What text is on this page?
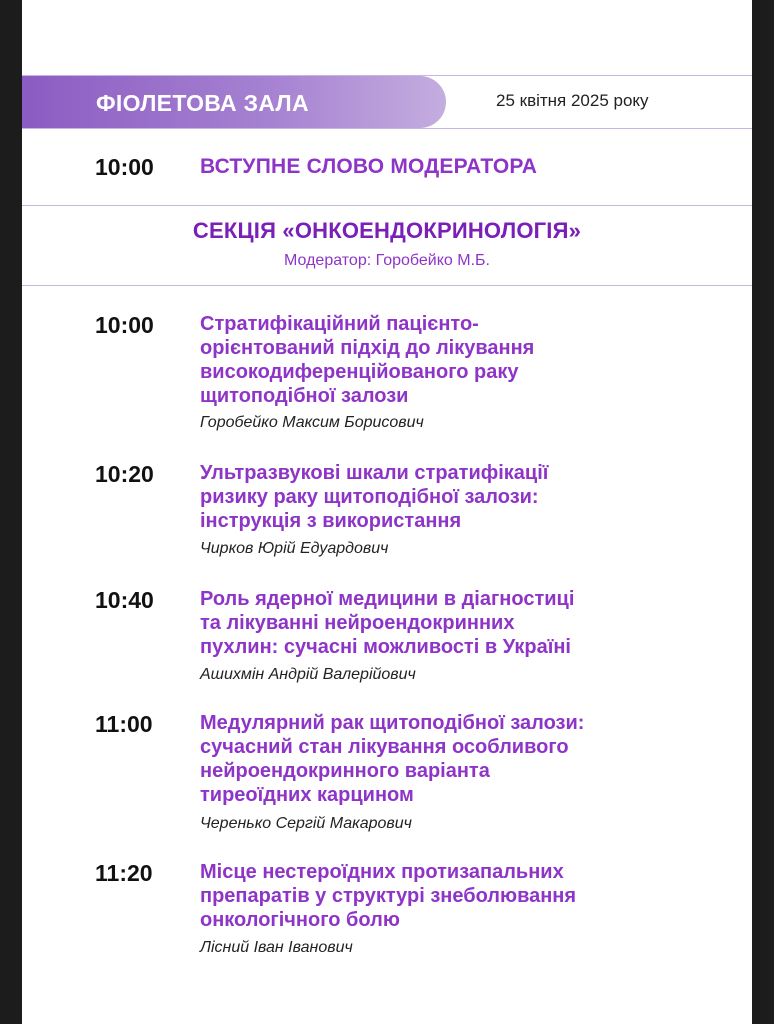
ФІОЛЕТОВА ЗАЛА	25 квітня 2025 року
10:00 ВСТУПНЕ СЛОВО МОДЕРАТОРА
СЕКЦІЯ «ОНКОЕНДОКРИНОЛОГІЯ»
Модератор: Горобейко М.Б.
10:00 Стратифікаційний пацієнто-
орієнтований підхід до лікування
високодиференційованого раку
щитоподібної залози
Горобейко Максим Борисович
10:20 Ультразвукові шкали стратифікації
ризику раку щитоподібної залози:
інструкція з використання
Чирков Юрій Едуардович
10:40 Роль ядерної медицини в діагностиці
та лікуванні нейроендокринних
пухлин: сучасні можливості в Україні
Ашихмін Андрій Валерійович
11:00 Медулярний рак щитоподібної залози:
сучасний стан лікування особливого
нейроендокринного варіанта
тиреоїдних карцином
Черенько Сергій Макарович
11:20 Місце нестероїдних протизапальних
препаратів у структурі знеболювання
онкологічного болю
Лісний Іван Іванович
